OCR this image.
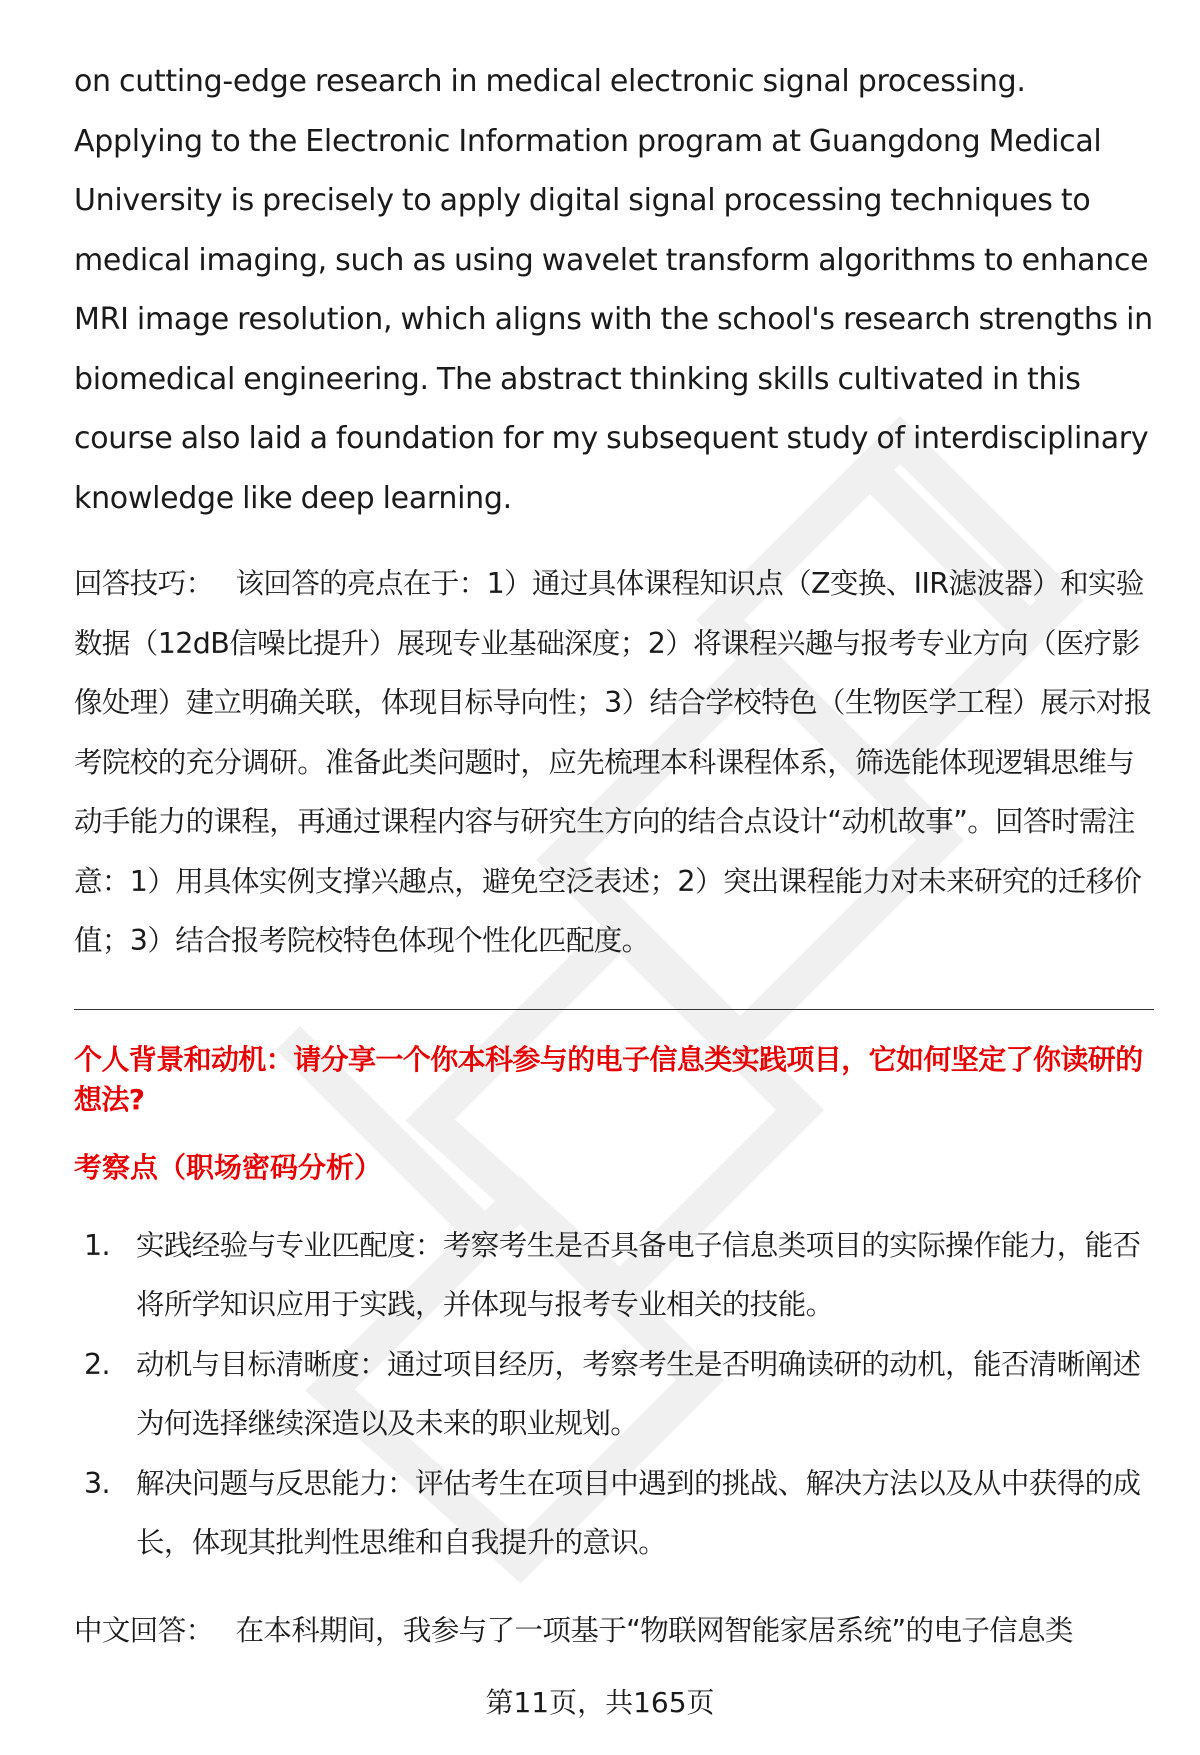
on cutting-edge research in medical electronic signal processing. Applying to the Electronic Information program at Guangdong Medical University is precisely to apply digital signal processing techniques to medical imaging, such as using wavelet transform algorithms to enhance MRI image resolution, which aligns with the school's research strengths in biomedical engineering. The abstract thinking skills cultivated in this course also laid a foundation for my subsequent study of interdisciplinary knowledge like deep learning.

回答技巧： 该回答的亮点在于：1）通过具体课程知识点（Z变换、IIR滤波器）和实验数据（12dB信噪比提升）展现专业基础深度；2）将课程兴趣与报考专业方向（医疗影像处理）建立明确关联，体现目标导向性；3）结合学校特色（生物医学工程）展示对报考院校的充分调研。准备此类问题时，应先梳理本科课程体系，筛选能体现逻辑思维与动手能力的课程，再通过课程内容与研究生方向的结合点设计“动机故事”。回答时需注意：1）用具体实例支撑兴趣点，避免空泛表述；2）突出课程能力对未来研究的迁移价值；3）结合报考院校特色体现个性化匹配度。

个人背景和动机：请分享一个你本科参与的电子信息类实践项目，它如何坚定了你读研的想法?
考察点（职场密码分析）
1. 实践经验与专业匹配度：考察考生是否具备电子信息类项目的实际操作能力，能否将所学知识应用于实践，并体现与报考专业相关的技能。
2. 动机与目标清晰度：通过项目经历，考察考生是否明确读研的动机，能否清晰阐述为何选择继续深造以及未来的职业规划。
3. 解决问题与反思能力：评估考生在项目中遇到的挑战、解决方法以及从中获得的成长，体现其批判性思维和自我提升的意识。

中文回答： 在本科期间，我参与了一项基于“物联网智能家居系统”的电子信息类

第11页，共165页
